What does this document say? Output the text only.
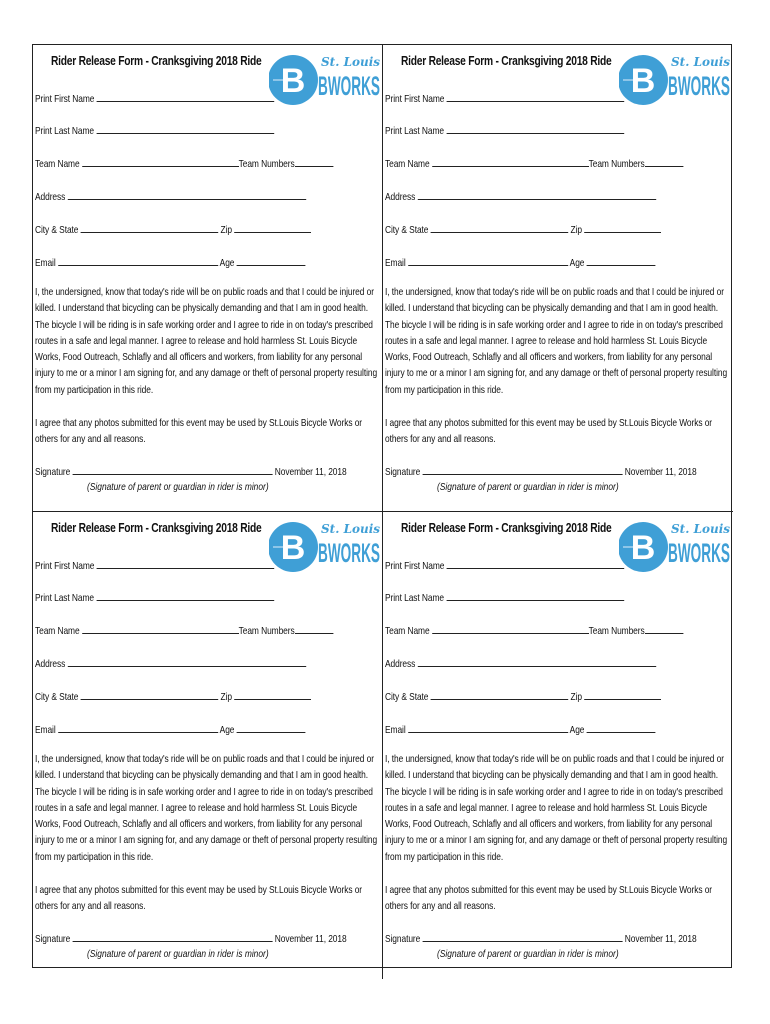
Rider Release Form - Cranksgiving 2018 Ride
B St. Louis
BWORKS
Print First Name
Print Last Name
Team Name	Team Numbers
Address
City & State	Zip
Email	Age
I, the undersigned, know that today's ride will be on public roads and that I could be injured or killed. I understand that bicycling can be physically demanding and that I am in good health. The bicycle I will be riding is in safe working order and I agree to ride in on today's prescribed routes in a safe and legal manner. I agree to release and hold harmless St. Louis Bicycle Works, Food Outreach, Schlafly and all officers and workers, from liability for any personal injury to me or a minor I am signing for, and any damage or theft of personal property resulting from my participation in this ride.
I agree that any photos submitted for this event may be used by St.Louis Bicycle Works or others for any and all reasons.
Signature	November 11, 2018
(Signature of parent or guardian in rider is minor)
Rider Release Form - Cranksgiving 2018 Ride
B St. Louis
BWORKS
Print First Name
Print Last Name
Team Name	Team Numbers
Address
City & State	Zip
Email	Age
I, the undersigned, know that today's ride will be on public roads and that I could be injured or killed. I understand that bicycling can be physically demanding and that I am in good health. The bicycle I will be riding is in safe working order and I agree to ride in on today's prescribed routes in a safe and legal manner. I agree to release and hold harmless St. Louis Bicycle Works, Food Outreach, Schlafly and all officers and workers, from liability for any personal injury to me or a minor I am signing for, and any damage or theft of personal property resulting from my participation in this ride.
I agree that any photos submitted for this event may be used by St.Louis Bicycle Works or others for any and all reasons.
Signature	November 11, 2018
(Signature of parent or guardian in rider is minor)
Rider Release Form - Cranksgiving 2018 Ride
B St. Louis
BWORKS
Print First Name
Print Last Name
Team Name	Team Numbers
Address
City & State	Zip
Email	Age
I, the undersigned, know that today's ride will be on public roads and that I could be injured or killed. I understand that bicycling can be physically demanding and that I am in good health. The bicycle I will be riding is in safe working order and I agree to ride in on today's prescribed routes in a safe and legal manner. I agree to release and hold harmless St. Louis Bicycle Works, Food Outreach, Schlafly and all officers and workers, from liability for any personal injury to me or a minor I am signing for, and any damage or theft of personal property resulting from my participation in this ride.
I agree that any photos submitted for this event may be used by St.Louis Bicycle Works or others for any and all reasons.
Signature	November 11, 2018
(Signature of parent or guardian in rider is minor)
Rider Release Form - Cranksgiving 2018 Ride
B St. Louis
BWORKS
Print First Name
Print Last Name
Team Name	Team Numbers
Address
City & State	Zip
Email	Age
I, the undersigned, know that today's ride will be on public roads and that I could be injured or killed. I understand that bicycling can be physically demanding and that I am in good health. The bicycle I will be riding is in safe working order and I agree to ride in on today's prescribed routes in a safe and legal manner. I agree to release and hold harmless St. Louis Bicycle Works, Food Outreach, Schlafly and all officers and workers, from liability for any personal injury to me or a minor I am signing for, and any damage or theft of personal property resulting from my participation in this ride.
I agree that any photos submitted for this event may be used by St.Louis Bicycle Works or others for any and all reasons.
Signature	November 11, 2018
(Signature of parent or guardian in rider is minor)
